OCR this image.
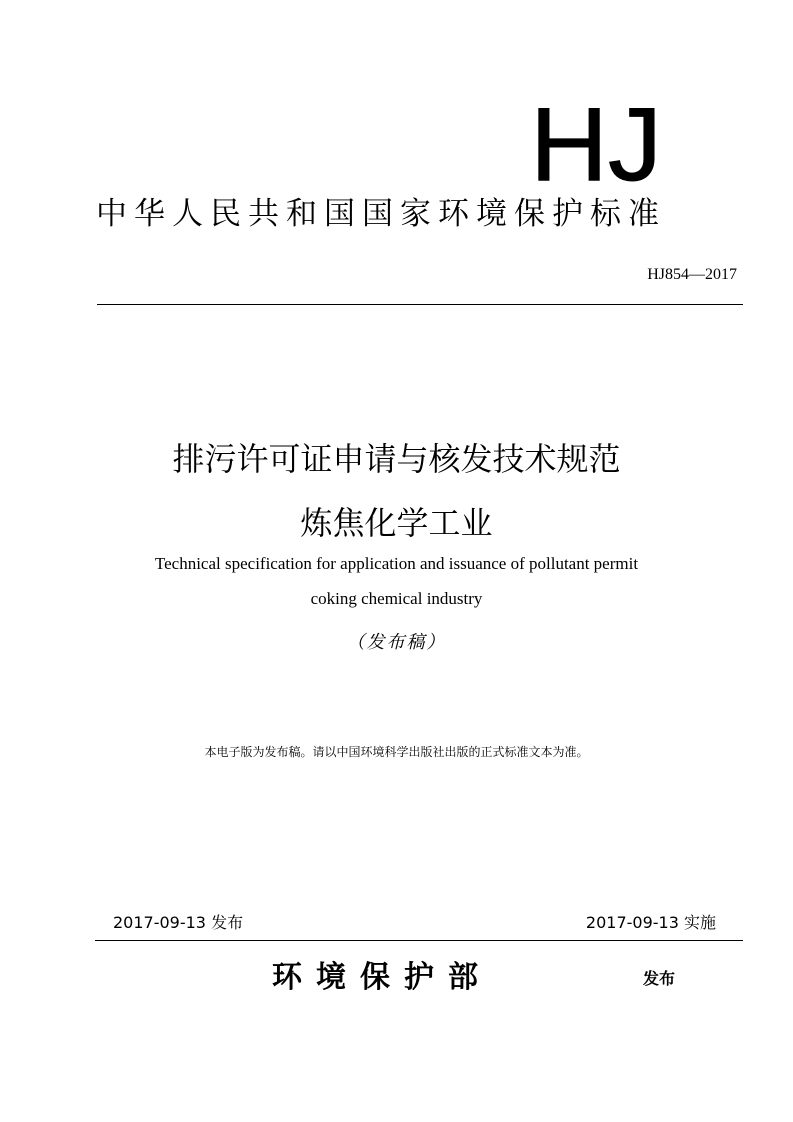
HJ
中华人民共和国国家环境保护标准
HJ854—2017
排污许可证申请与核发技术规范
炼焦化学工业
Technical specification for application and issuance of pollutant permit
coking chemical industry
（发布稿）
本电子版为发布稿。请以中国环境科学出版社出版的正式标准文本为准。
2017-09-13 发布	2017-09-13 实施
环境保护部	发布
